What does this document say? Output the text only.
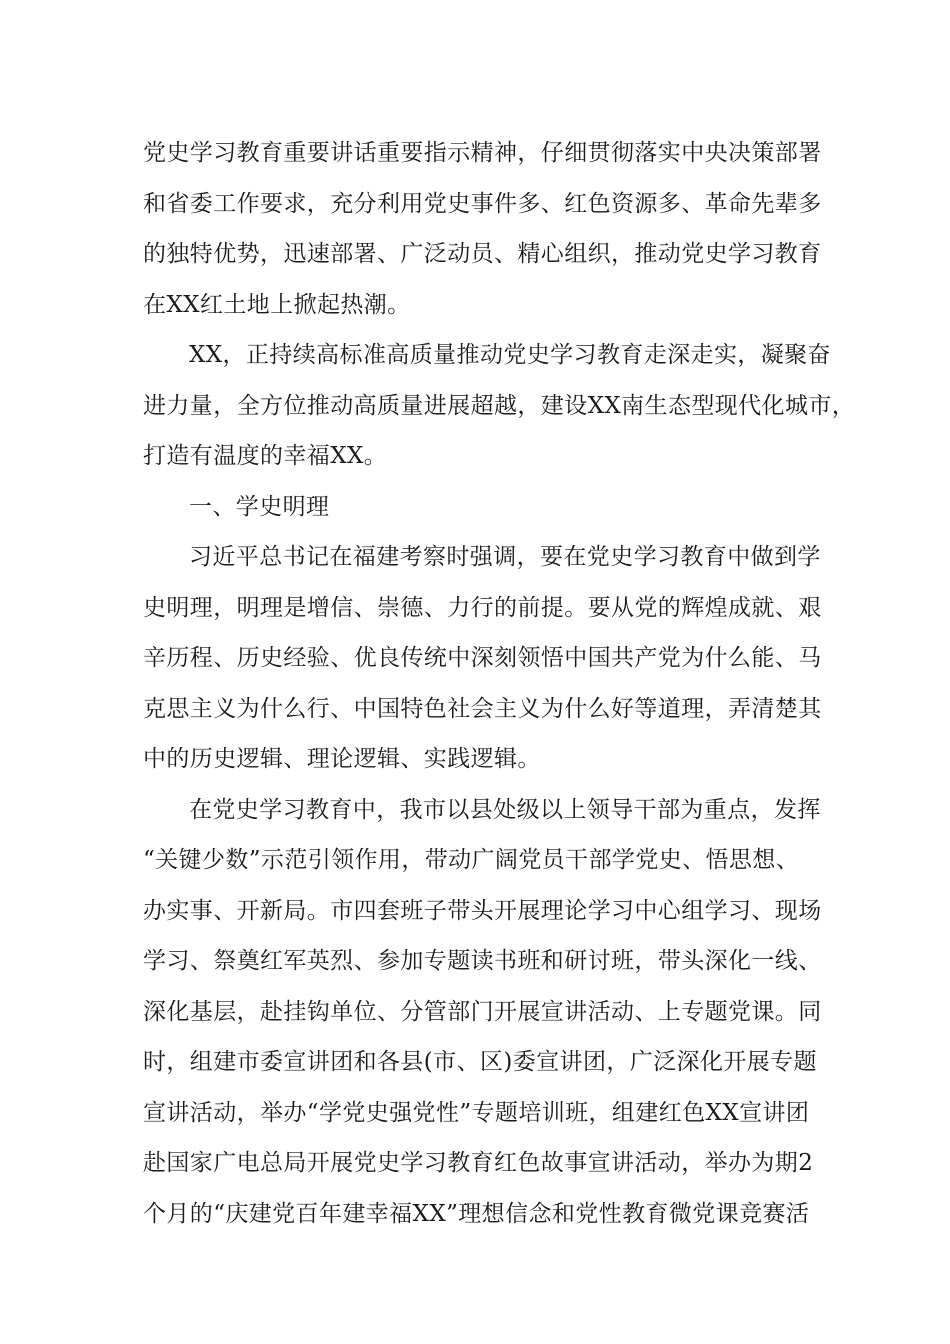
党史学习教育重要讲话重要指示精神，仔细贯彻落实中央决策部署
和省委工作要求，充分利用党史事件多、红色资源多、革命先辈多
的独特优势，迅速部署、广泛动员、精心组织，推动党史学习教育
在XX红土地上掀起热潮。

XX，正持续高标准高质量推动党史学习教育走深走实，凝聚奋
进力量，全方位推动高质量进展超越，建设XX南生态型现代化城市，
打造有温度的幸福XX。

一、学史明理

习近平总书记在福建考察时强调，要在党史学习教育中做到学
史明理，明理是增信、崇德、力行的前提。要从党的辉煌成就、艰
辛历程、历史经验、优良传统中深刻领悟中国共产党为什么能、马
克思主义为什么行、中国特色社会主义为什么好等道理，弄清楚其
中的历史逻辑、理论逻辑、实践逻辑。

在党史学习教育中，我市以县处级以上领导干部为重点，发挥
“关键少数”示范引领作用，带动广阔党员干部学党史、悟思想、
办实事、开新局。市四套班子带头开展理论学习中心组学习、现场
学习、祭奠红军英烈、参加专题读书班和研讨班，带头深化一线、
深化基层，赴挂钩单位、分管部门开展宣讲活动、上专题党课。同
时，组建市委宣讲团和各县(市、区)委宣讲团，广泛深化开展专题
宣讲活动，举办“学党史强党性”专题培训班，组建红色XX宣讲团
赴国家广电总局开展党史学习教育红色故事宣讲活动，举办为期2
个月的“庆建党百年建幸福XX”理想信念和党性教育微党课竞赛活
